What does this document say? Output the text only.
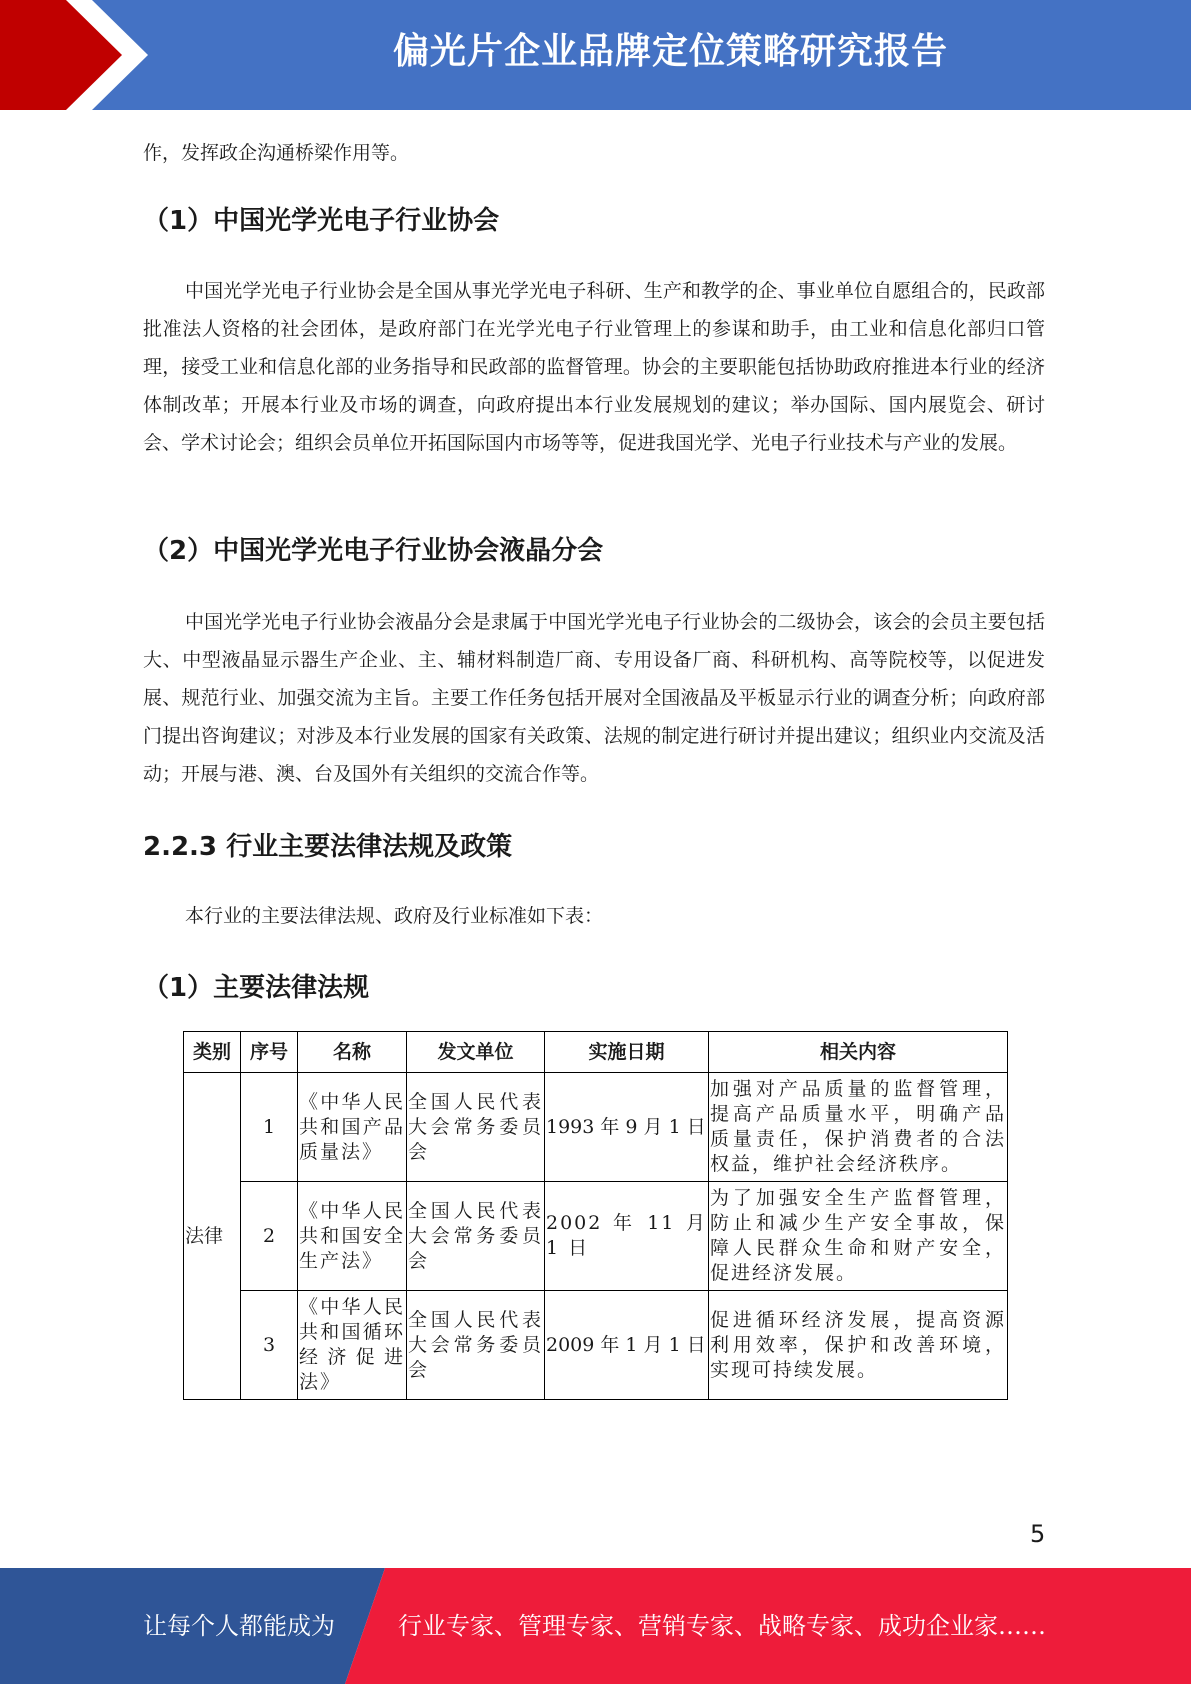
偏光片企业品牌定位策略研究报告

作，发挥政企沟通桥梁作用等。

（1）中国光学光电子行业协会

中国光学光电子行业协会是全国从事光学光电子科研、生产和教学的企、事业单位自愿组合的，民政部批准法人资格的社会团体，是政府部门在光学光电子行业管理上的参谋和助手，由工业和信息化部归口管理，接受工业和信息化部的业务指导和民政部的监督管理。协会的主要职能包括协助政府推进本行业的经济体制改革；开展本行业及市场的调查，向政府提出本行业发展规划的建议；举办国际、国内展览会、研讨会、学术讨论会；组织会员单位开拓国际国内市场等等，促进我国光学、光电子行业技术与产业的发展。

（2）中国光学光电子行业协会液晶分会

中国光学光电子行业协会液晶分会是隶属于中国光学光电子行业协会的二级协会，该会的会员主要包括大、中型液晶显示器生产企业、主、辅材料制造厂商、专用设备厂商、科研机构、高等院校等，以促进发展、规范行业、加强交流为主旨。主要工作任务包括开展对全国液晶及平板显示行业的调查分析；向政府部门提出咨询建议；对涉及本行业发展的国家有关政策、法规的制定进行研讨并提出建议；组织业内交流及活动；开展与港、澳、台及国外有关组织的交流合作等。

2.2.3 行业主要法律法规及政策

本行业的主要法律法规、政府及行业标准如下表：

（1）主要法律法规
类别	序号	名称	发文单位	实施日期	相关内容
法律	1	《中华人民共和国产品质量法》	全国人民代表大会常务委员会	1993 年 9 月 1 日	加强对产品质量的监督管理， 提高产品质量水平，明确产品 质量责任，保护消费者的合法 权益，维护社会经济秩序。
	2	《中华人民共和国安全生产法》	全国人民代表大会常务委员会	2002 年 11 月 1 日	为了加强安全生产监督管理， 防止和减少生产安全事故，保 障人民群众生命和财产安全， 促进经济发展。
	3	《中华人民共和国循环经济促进法》	全国人民代表大会常务委员会	2009 年 1 月 1 日	促进循环经济发展，提高资源 利用效率，保护和改善环境， 实现可持续发展。
5
让每个人都能成为	行业专家、管理专家、营销专家、战略专家、成功企业家……
